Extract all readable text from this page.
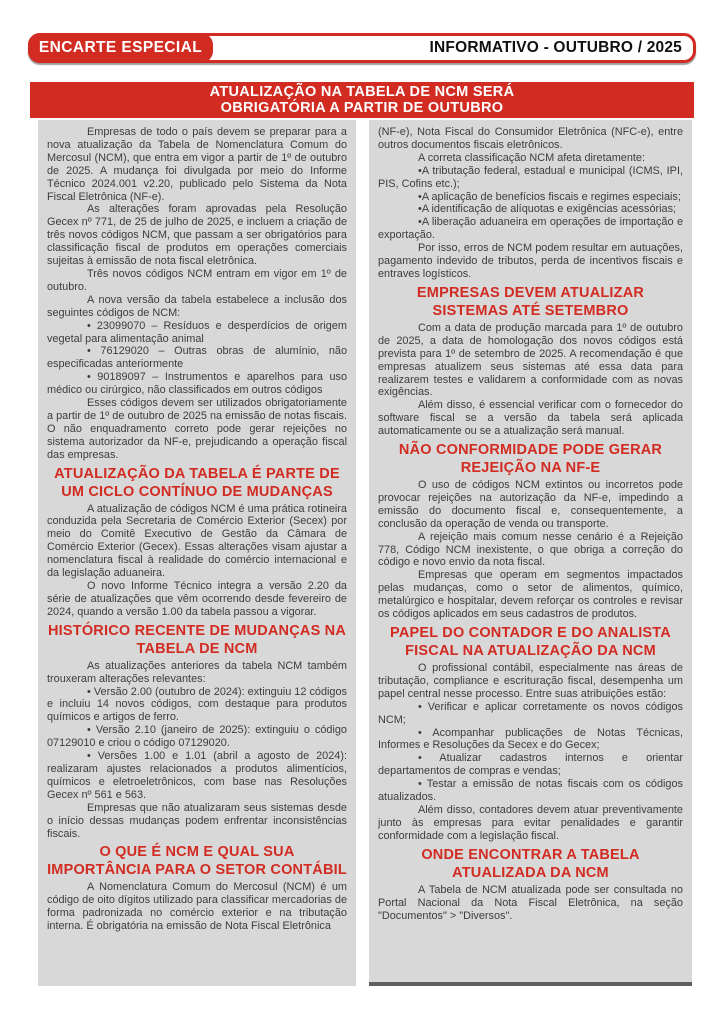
ENCARTE ESPECIAL	INFORMATIVO - OUTUBRO / 2025
ATUALIZAÇÃO NA TABELA DE NCM SERÁ
OBRIGATÓRIA A PARTIR DE OUTUBRO

Empresas de todo o país devem se preparar para a nova atualização da Tabela de Nomenclatura Comum do Mercosul (NCM), que entra em vigor a partir de 1º de outubro de 2025. A mudança foi divulgada por meio do Informe Técnico 2024.001 v2.20, publicado pelo Sistema da Nota Fiscal Eletrônica (NF-e).

As alterações foram aprovadas pela Resolução Gecex nº 771, de 25 de julho de 2025, e incluem a criação de três novos códigos NCM, que passam a ser obrigatórios para classificação fiscal de produtos em operações comerciais sujeitas à emissão de nota fiscal eletrônica.

Três novos códigos NCM entram em vigor em 1º de outubro.

A nova versão da tabela estabelece a inclusão dos seguintes códigos de NCM:

• 23099070 – Resíduos e desperdícios de origem vegetal para alimentação animal

• 76129020 – Outras obras de alumínio, não especificadas anteriormente

• 90189097 – Instrumentos e aparelhos para uso médico ou cirúrgico, não classificados em outros códigos

Esses códigos devem ser utilizados obrigatoriamente a partir de 1º de outubro de 2025 na emissão de notas fiscais. O não enquadramento correto pode gerar rejeições no sistema autorizador da NF-e, prejudicando a operação fiscal das empresas.

ATUALIZAÇÃO DA TABELA É PARTE DE UM CICLO CONTÍNUO DE MUDANÇAS

A atualização de códigos NCM é uma prática rotineira conduzida pela Secretaria de Comércio Exterior (Secex) por meio do Comitê Executivo de Gestão da Câmara de Comércio Exterior (Gecex). Essas alterações visam ajustar a nomenclatura fiscal à realidade do comércio internacional e da legislação aduaneira.

O novo Informe Técnico integra a versão 2.20 da série de atualizações que vêm ocorrendo desde fevereiro de 2024, quando a versão 1.00 da tabela passou a vigorar.

HISTÓRICO RECENTE DE MUDANÇAS NA TABELA DE NCM

As atualizações anteriores da tabela NCM também trouxeram alterações relevantes:

• Versão 2.00 (outubro de 2024): extinguiu 12 códigos e incluiu 14 novos códigos, com destaque para produtos químicos e artigos de ferro.

• Versão 2.10 (janeiro de 2025): extinguiu o código 07129010 e criou o código 07129020.

• Versões 1.00 e 1.01 (abril a agosto de 2024): realizaram ajustes relacionados a produtos alimentícios, químicos e eletroeletrônicos, com base nas Resoluções Gecex nº 561 e 563.

Empresas que não atualizaram seus sistemas desde o início dessas mudanças podem enfrentar inconsistências fiscais.

O QUE É NCM E QUAL SUA IMPORTÂNCIA PARA O SETOR CONTÁBIL

A Nomenclatura Comum do Mercosul (NCM) é um código de oito dígitos utilizado para classificar mercadorias de forma padronizada no comércio exterior e na tributação interna. É obrigatória na emissão de Nota Fiscal Eletrônica

(NF-e), Nota Fiscal do Consumidor Eletrônica (NFC-e), entre outros documentos fiscais eletrônicos.

A correta classificação NCM afeta diretamente:

•A tributação federal, estadual e municipal (ICMS, IPI, PIS, Cofins etc.);

•A aplicação de benefícios fiscais e regimes especiais;

•A identificação de alíquotas e exigências acessórias;

•A liberação aduaneira em operações de importação e exportação.

Por isso, erros de NCM podem resultar em autuações, pagamento indevido de tributos, perda de incentivos fiscais e entraves logísticos.

EMPRESAS DEVEM ATUALIZAR SISTEMAS ATÉ SETEMBRO

Com a data de produção marcada para 1º de outubro de 2025, a data de homologação dos novos códigos está prevista para 1º de setembro de 2025. A recomendação é que empresas atualizem seus sistemas até essa data para realizarem testes e validarem a conformidade com as novas exigências.

Além disso, é essencial verificar com o fornecedor do software fiscal se a versão da tabela será aplicada automaticamente ou se a atualização será manual.

NÃO CONFORMIDADE PODE GERAR REJEIÇÃO NA NF-E

O uso de códigos NCM extintos ou incorretos pode provocar rejeições na autorização da NF-e, impedindo a emissão do documento fiscal e, consequentemente, a conclusão da operação de venda ou transporte.

A rejeição mais comum nesse cenário é a Rejeição 778, Código NCM inexistente, o que obriga a correção do código e novo envio da nota fiscal.

Empresas que operam em segmentos impactados pelas mudanças, como o setor de alimentos, químico, metalúrgico e hospitalar, devem reforçar os controles e revisar os códigos aplicados em seus cadastros de produtos.

PAPEL DO CONTADOR E DO ANALISTA FISCAL NA ATUALIZAÇÃO DA NCM

O profissional contábil, especialmente nas áreas de tributação, compliance e escrituração fiscal, desempenha um papel central nesse processo. Entre suas atribuições estão:

• Verificar e aplicar corretamente os novos códigos NCM;

• Acompanhar publicações de Notas Técnicas, Informes e Resoluções da Secex e do Gecex;

• Atualizar cadastros internos e orientar departamentos de compras e vendas;

• Testar a emissão de notas fiscais com os códigos atualizados.

Além disso, contadores devem atuar preventivamente junto às empresas para evitar penalidades e garantir conformidade com a legislação fiscal.

ONDE ENCONTRAR A TABELA ATUALIZADA DA NCM

A Tabela de NCM atualizada pode ser consultada no Portal Nacional da Nota Fiscal Eletrônica, na seção "Documentos" > "Diversos".
